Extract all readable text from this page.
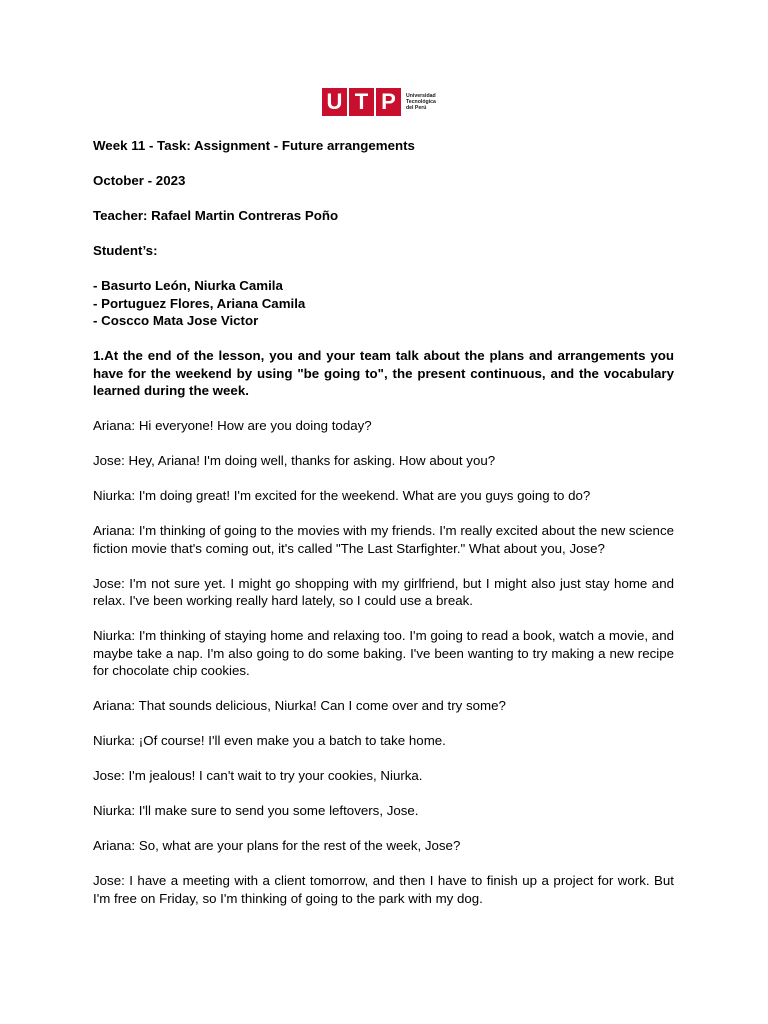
U T P	Universidad
Tecnológica
del Perú

Week 11 - Task: Assignment - Future arrangements

October - 2023

Teacher: Rafael Martin Contreras Poño

Student’s:

- Basurto León, Niurka Camila

- Portuguez Flores, Ariana Camila

- Coscco Mata Jose Victor

1.At the end of the lesson, you and your team talk about the plans and arrangements you have for the weekend by using "be going to", the present continuous, and the vocabulary learned during the week.

Ariana: Hi everyone! How are you doing today?

Jose: Hey, Ariana! I'm doing well, thanks for asking. How about you?

Niurka: I'm doing great! I'm excited for the weekend. What are you guys going to do?

Ariana: I'm thinking of going to the movies with my friends. I'm really excited about the new science fiction movie that's coming out, it's called "The Last Starfighter." What about you, Jose?

Jose: I'm not sure yet. I might go shopping with my girlfriend, but I might also just stay home and relax. I've been working really hard lately, so I could use a break.

Niurka: I'm thinking of staying home and relaxing too. I'm going to read a book, watch a movie, and maybe take a nap. I'm also going to do some baking. I've been wanting to try making a new recipe for chocolate chip cookies.

Ariana: That sounds delicious, Niurka! Can I come over and try some?

Niurka: ¡Of course! I'll even make you a batch to take home.

Jose: I'm jealous! I can't wait to try your cookies, Niurka.

Niurka: I'll make sure to send you some leftovers, Jose.

Ariana: So, what are your plans for the rest of the week, Jose?

Jose: I have a meeting with a client tomorrow, and then I have to finish up a project for work. But I'm free on Friday, so I'm thinking of going to the park with my dog.
